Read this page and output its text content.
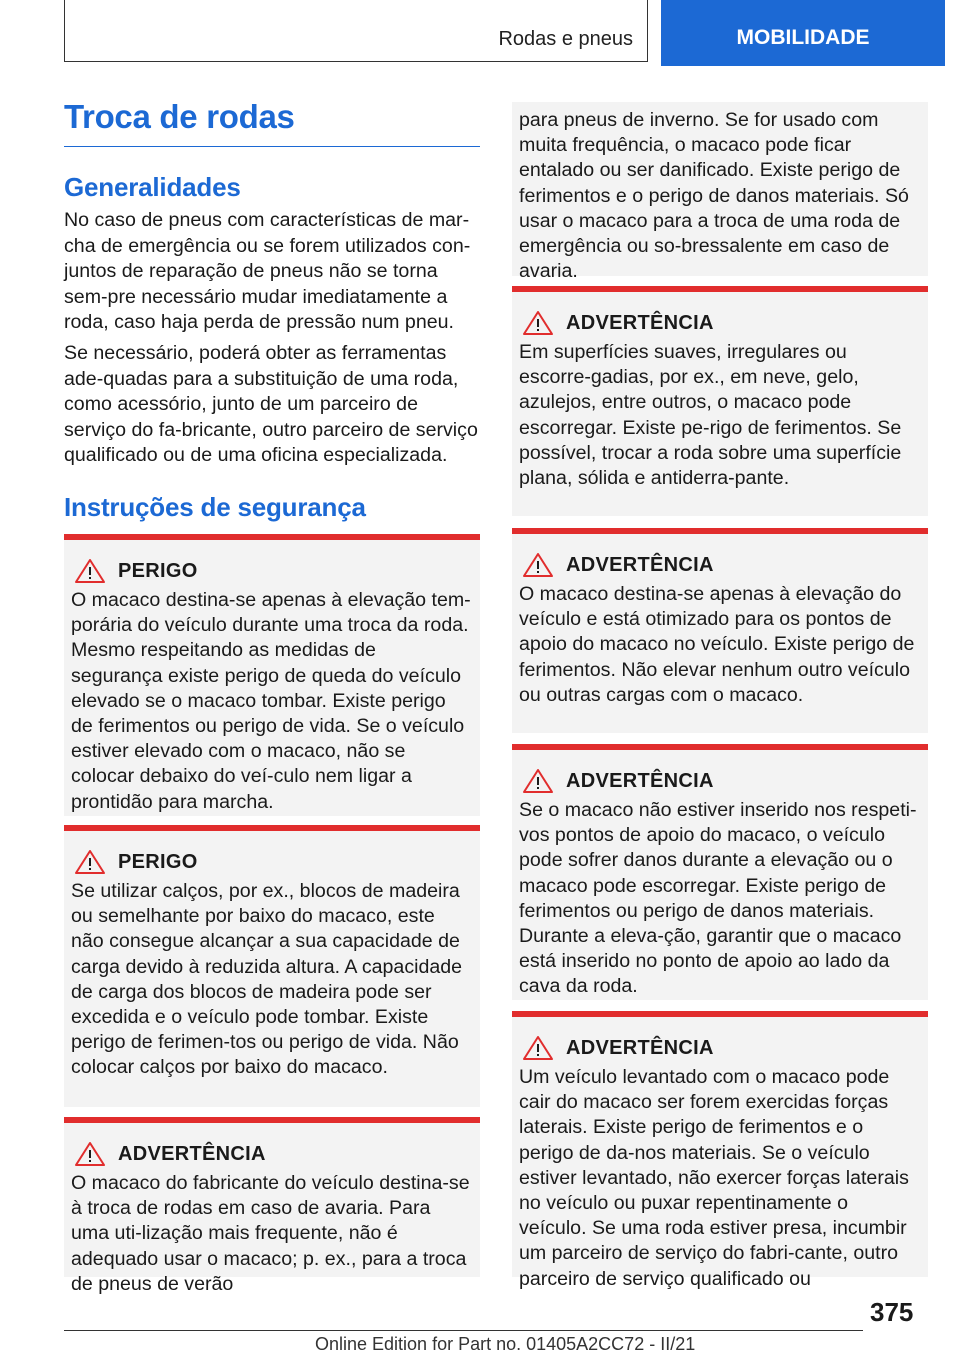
Rodas e pneus	MOBILIDADE
Troca de rodas
Generalidades

No caso de pneus com características de mar-cha de emergência ou se forem utilizados con-juntos de reparação de pneus não se torna sem-pre necessário mudar imediatamente a roda, caso haja perda de pressão num pneu.

Se necessário, poderá obter as ferramentas ade-quadas para a substituição de uma roda, como acessório, junto de um parceiro de serviço do fa-bricante, outro parceiro de serviço qualificado ou de uma oficina especializada.

Instruções de segurança
PERIGO

O macaco destina-se apenas à elevação tem-porária do veículo durante uma troca da roda. Mesmo respeitando as medidas de segurança existe perigo de queda do veículo elevado se o macaco tombar. Existe perigo de ferimentos ou perigo de vida. Se o veículo estiver elevado com o macaco, não se colocar debaixo do veí-culo nem ligar a prontidão para marcha.

PERIGO

Se utilizar calços, por ex., blocos de madeira ou semelhante por baixo do macaco, este não consegue alcançar a sua capacidade de carga devido à reduzida altura. A capacidade de carga dos blocos de madeira pode ser excedida e o veículo pode tombar. Existe perigo de ferimen-tos ou perigo de vida. Não colocar calços por baixo do macaco.

ADVERTÊNCIA

O macaco do fabricante do veículo destina-se à troca de rodas em caso de avaria. Para uma uti-lização mais frequente, não é adequado usar o macaco; p. ex., para a troca de pneus de verão

para pneus de inverno. Se for usado com muita frequência, o macaco pode ficar entalado ou ser danificado. Existe perigo de ferimentos e o perigo de danos materiais. Só usar o macaco para a troca de uma roda de emergência ou so-bressalente em caso de avaria.

ADVERTÊNCIA

Em superfícies suaves, irregulares ou escorre-gadias, por ex., em neve, gelo, azulejos, entre outros, o macaco pode escorregar. Existe pe-rigo de ferimentos. Se possível, trocar a roda sobre uma superfície plana, sólida e antiderra-pante.

ADVERTÊNCIA

O macaco destina-se apenas à elevação do veículo e está otimizado para os pontos de apoio do macaco no veículo. Existe perigo de ferimentos. Não elevar nenhum outro veículo ou outras cargas com o macaco.

ADVERTÊNCIA

Se o macaco não estiver inserido nos respeti-vos pontos de apoio do macaco, o veículo pode sofrer danos durante a elevação ou o macaco pode escorregar. Existe perigo de ferimentos ou perigo de danos materiais. Durante a eleva-ção, garantir que o macaco está inserido no ponto de apoio ao lado da cava da roda.

ADVERTÊNCIA

Um veículo levantado com o macaco pode cair do macaco ser forem exercidas forças laterais. Existe perigo de ferimentos e o perigo de da-nos materiais. Se o veículo estiver levantado, não exercer forças laterais no veículo ou puxar repentinamente o veículo. Se uma roda estiver presa, incumbir um parceiro de serviço do fabri-cante, outro parceiro de serviço qualificado ou

375
Online Edition for Part no. 01405A2CC72 - II/21
